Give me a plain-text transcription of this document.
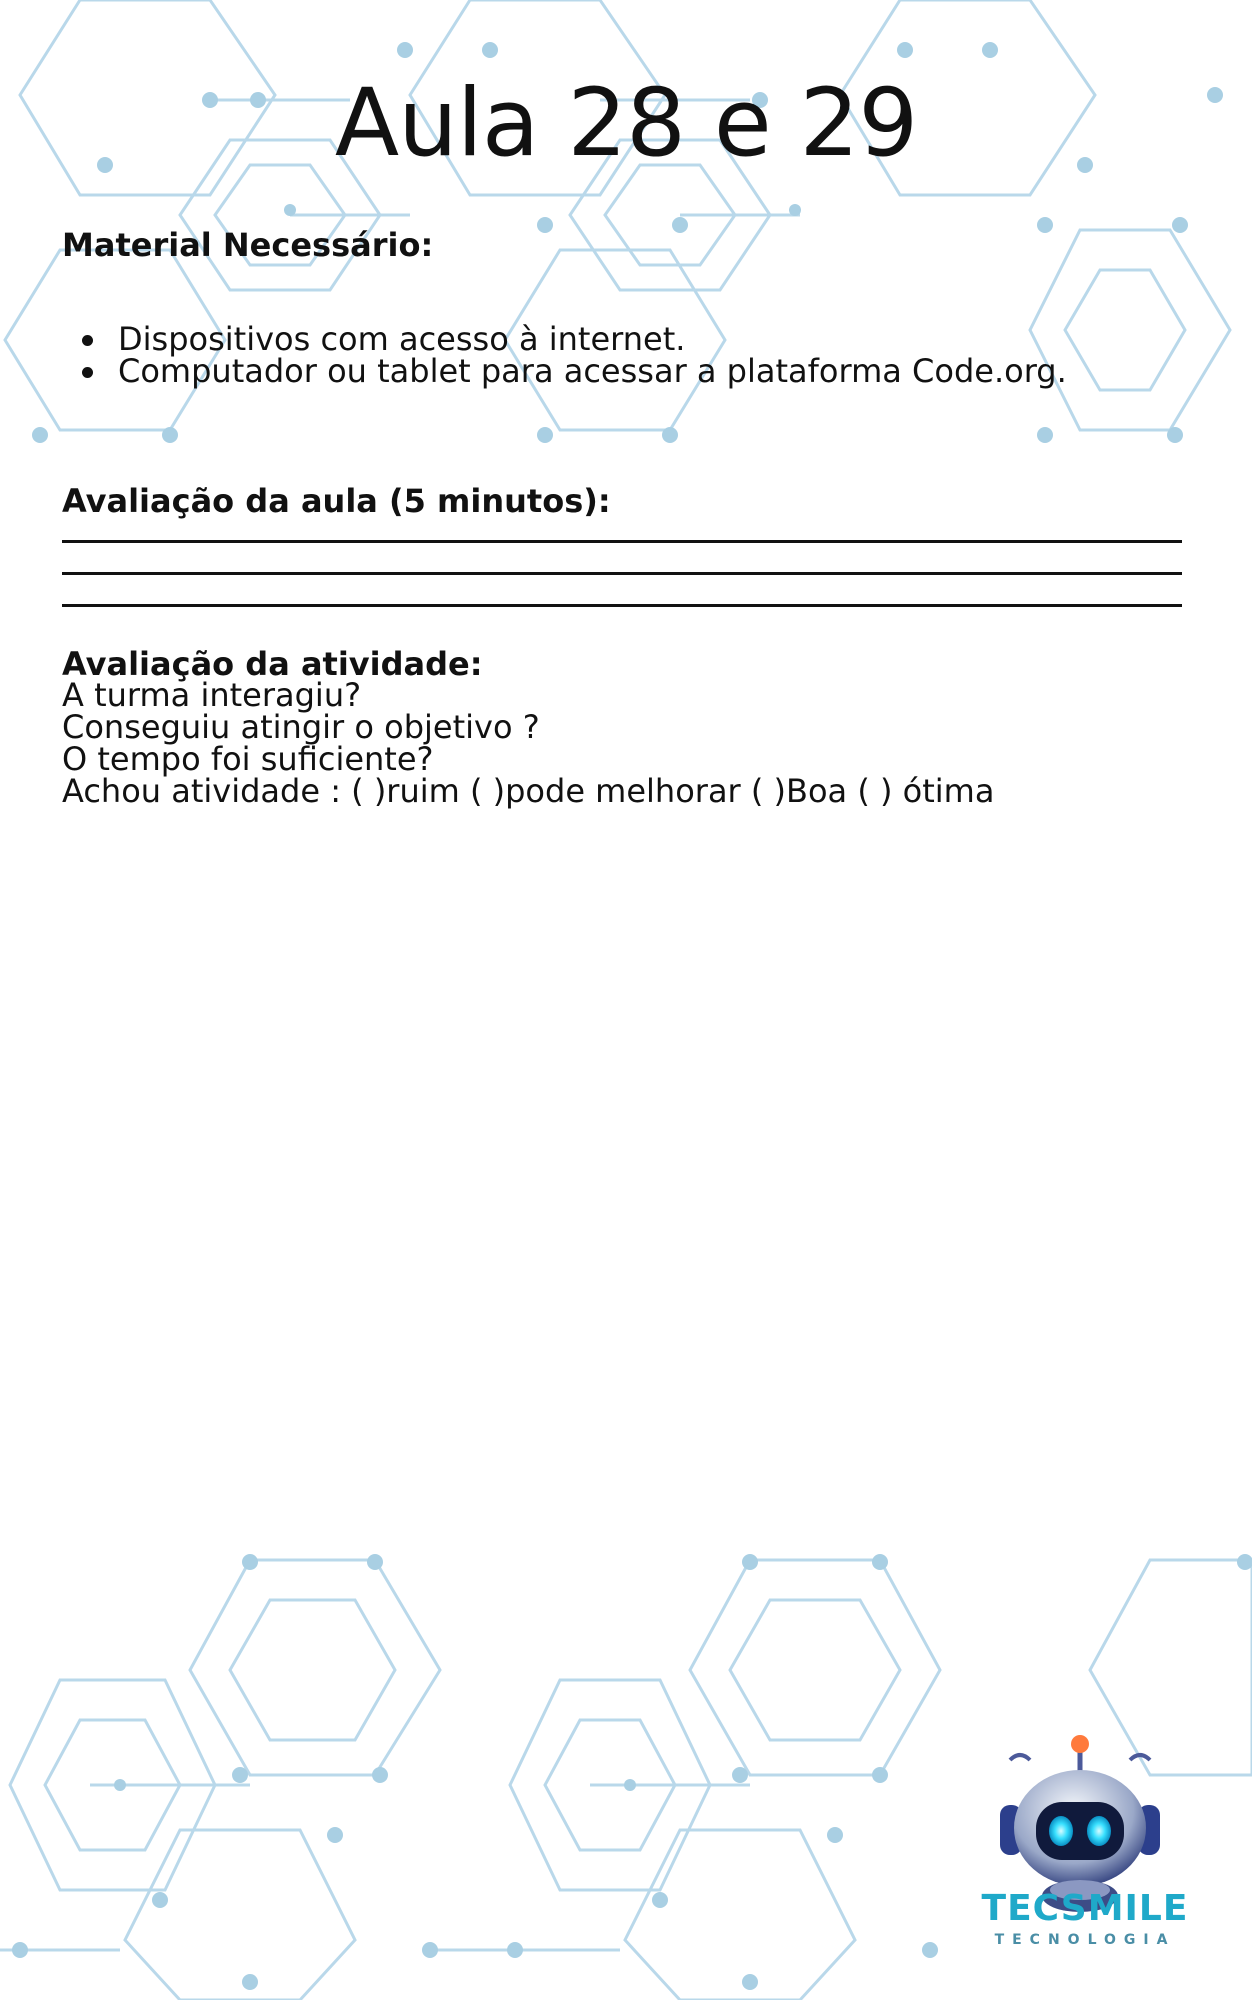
Aula 28 e 29
Material Necessário:
Dispositivos com acesso à internet.
Computador ou tablet para acessar a plataforma Code.org.
Avaliação da aula (5 minutos):
Avaliação da atividade:
A turma interagiu?
Conseguiu atingir o objetivo ?
O tempo foi suficiente?
Achou atividade : ( )ruim ( )pode melhorar ( )Boa ( ) ótima
TECSMILE
TECNOLOGIA
